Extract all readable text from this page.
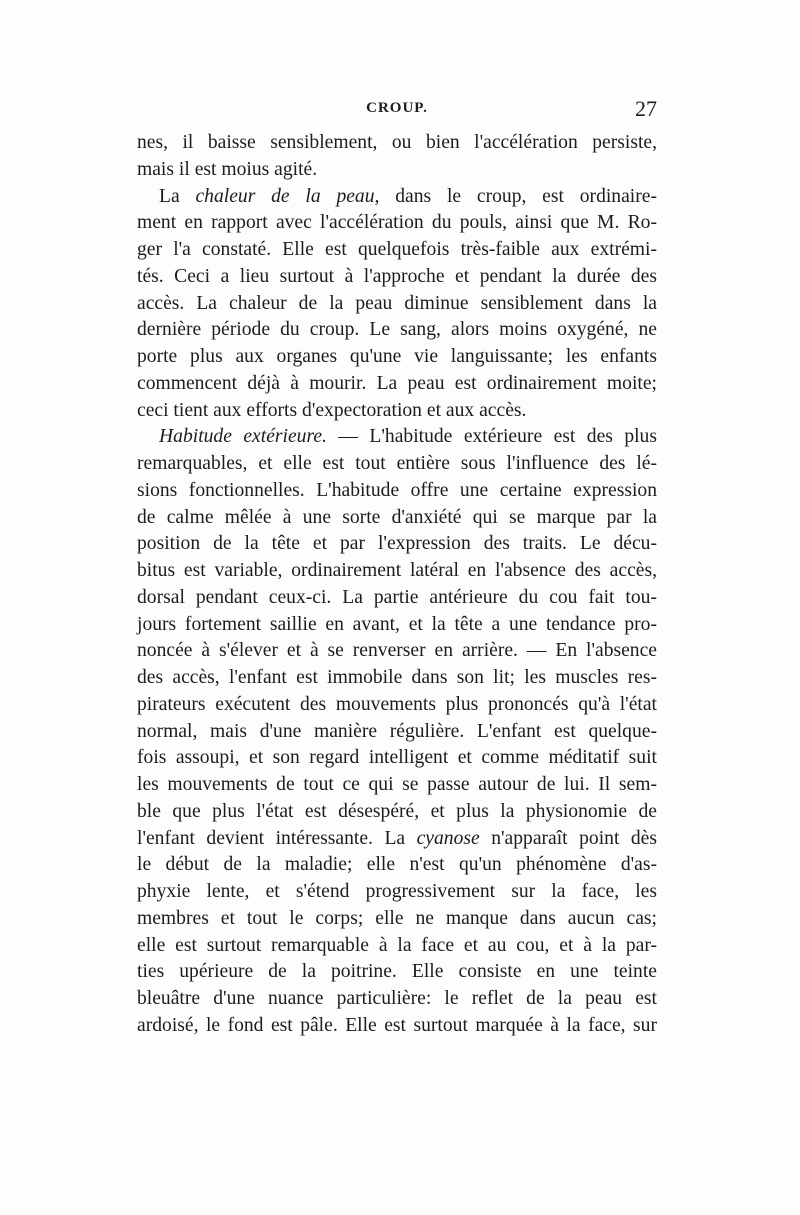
CROUP.	27
nes, il baisse sensiblement, ou bien l'accélération persiste,
mais il est moius agité.
La chaleur de la peau, dans le croup, est ordinaire-
ment en rapport avec l'accélération du pouls, ainsi que M. Ro-
ger l'a constaté. Elle est quelquefois très-faible aux extrémi-
tés. Ceci a lieu surtout à l'approche et pendant la durée des
accès. La chaleur de la peau diminue sensiblement dans la
dernière période du croup. Le sang, alors moins oxygéné, ne
porte plus aux organes qu'une vie languissante; les enfants
commencent déjà à mourir. La peau est ordinairement moite;
ceci tient aux efforts d'expectoration et aux accès.
Habitude extérieure. — L'habitude extérieure est des plus
remarquables, et elle est tout entière sous l'influence des lé-
sions fonctionnelles. L'habitude offre une certaine expression
de calme mêlée à une sorte d'anxiété qui se marque par la
position de la tête et par l'expression des traits. Le décu-
bitus est variable, ordinairement latéral en l'absence des accès,
dorsal pendant ceux-ci. La partie antérieure du cou fait tou-
jours fortement saillie en avant, et la tête a une tendance pro-
noncée à s'élever et à se renverser en arrière. — En l'absence
des accès, l'enfant est immobile dans son lit; les muscles res-
pirateurs exécutent des mouvements plus prononcés qu'à l'état
normal, mais d'une manière régulière. L'enfant est quelque-
fois assoupi, et son regard intelligent et comme méditatif suit
les mouvements de tout ce qui se passe autour de lui. Il sem-
ble que plus l'état est désespéré, et plus la physionomie de
l'enfant devient intéressante. La cyanose n'apparaît point dès
le début de la maladie; elle n'est qu'un phénomène d'as-
phyxie lente, et s'étend progressivement sur la face, les
membres et tout le corps; elle ne manque dans aucun cas;
elle est surtout remarquable à la face et au cou, et à la par-
ties upérieure de la poitrine. Elle consiste en une teinte
bleuâtre d'une nuance particulière: le reflet de la peau est
ardoisé, le fond est pâle. Elle est surtout marquée à la face, sur
